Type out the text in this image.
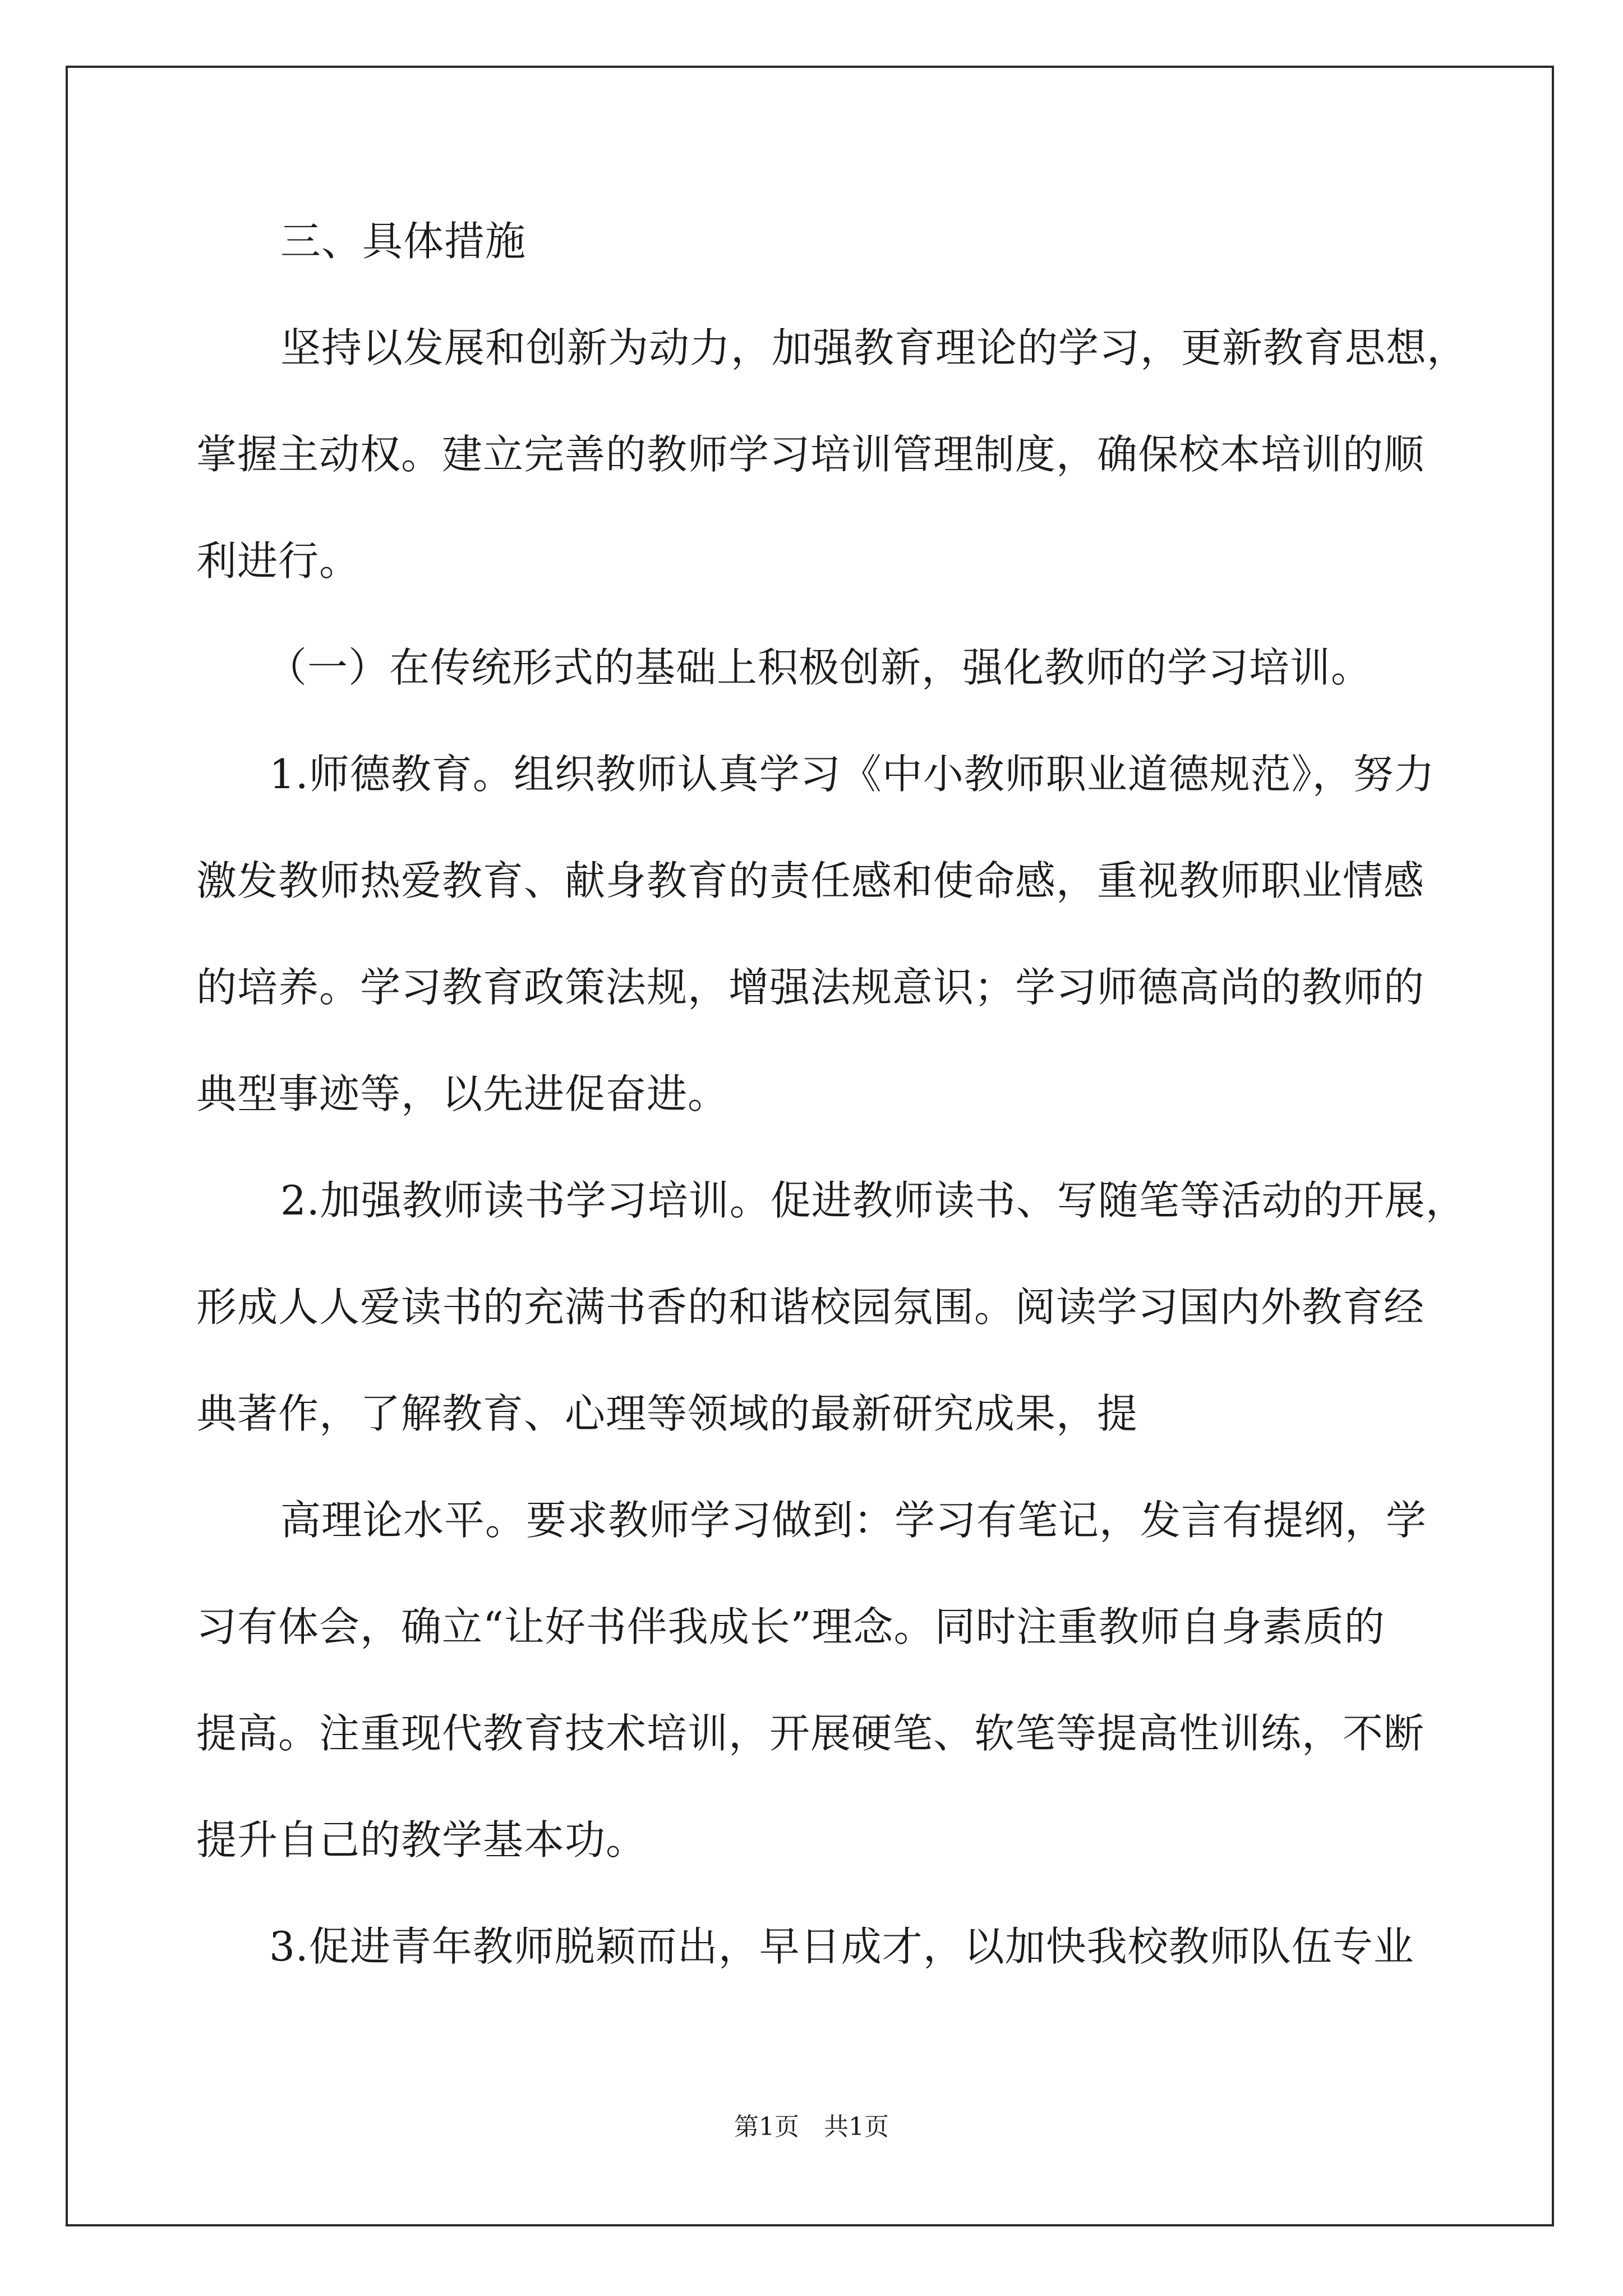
三、具体措施
坚持以发展和创新为动力，加强教育理论的学习，更新教育思想，
掌握主动权。建立完善的教师学习培训管理制度，确保校本培训的顺
利进行。
（一）在传统形式的基础上积极创新，强化教师的学习培训。
1.师德教育。组织教师认真学习《中小教师职业道德规范》，努力
激发教师热爱教育、献身教育的责任感和使命感，重视教师职业情感
的培养。学习教育政策法规，增强法规意识；学习师德高尚的教师的
典型事迹等，以先进促奋进。
2.加强教师读书学习培训。促进教师读书、写随笔等活动的开展，
形成人人爱读书的充满书香的和谐校园氛围。阅读学习国内外教育经
典著作，了解教育、心理等领域的最新研究成果，提
高理论水平。要求教师学习做到：学习有笔记，发言有提纲，学
习有体会，确立“让好书伴我成长”理念。同时注重教师自身素质的
提高。注重现代教育技术培训，开展硬笔、软笔等提高性训练，不断
提升自己的教学基本功。
3.促进青年教师脱颖而出，早日成才，以加快我校教师队伍专业
第1页　共1页
